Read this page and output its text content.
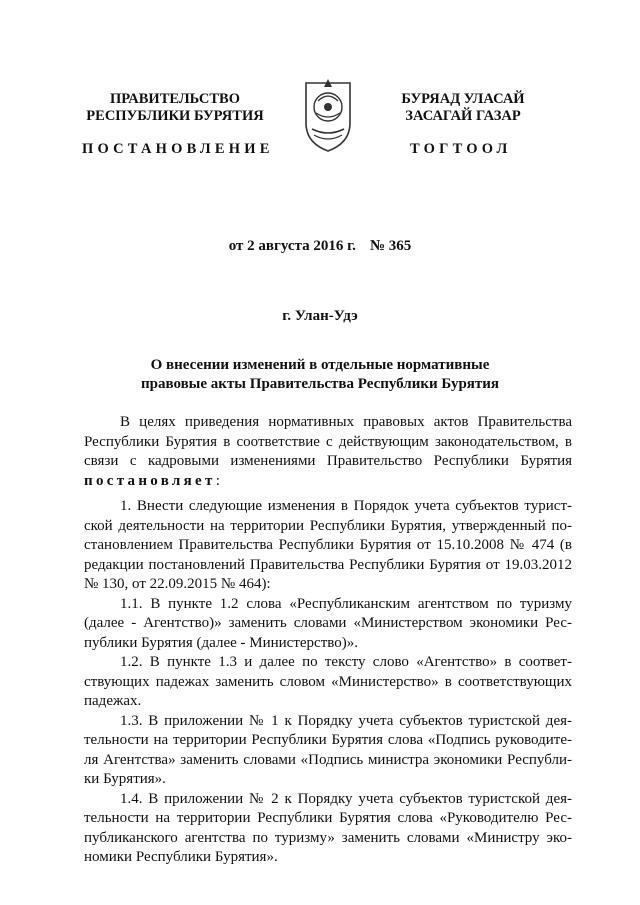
ПРАВИТЕЛЬСТВО
РЕСПУБЛИКИ БУРЯТИЯ
БУРЯАД УЛАСАЙ
ЗАСАГАЙ ГАЗАР
ПОСТАНОВЛЕНИЕ	ТОГТООЛ
от 2 августа 2016 г. № 365
г. Улан-Удэ
О внесении изменений в отдельные нормативные
правовые акты Правительства Республики Бурятия

В целях приведения нормативных правовых актов Правительства Республики Бурятия в соответствие с действующим законодательством, в связи с кадровыми изменениями Правительство Республики Бурятия постановляет:

1. Внести следующие изменения в Порядок учета субъектов туристской деятельности на территории Республики Бурятия, утвержденный постановлением Правительства Республики Бурятия от 15.10.2008 № 474 (в редакции постановлений Правительства Республики Бурятия от 19.03.2012 № 130, от 22.09.2015 № 464):

1.1. В пункте 1.2 слова «Республиканским агентством по туризму (далее - Агентство)» заменить словами «Министерством экономики Республики Бурятия (далее - Министерство)».

1.2. В пункте 1.3 и далее по тексту слово «Агентство» в соответствующих падежах заменить словом «Министерство» в соответствующих падежах.

1.3. В приложении № 1 к Порядку учета субъектов туристской деятельности на территории Республики Бурятия слова «Подпись руководителя Агентства» заменить словами «Подпись министра экономики Республики Бурятия».

1.4. В приложении № 2 к Порядку учета субъектов туристской деятельности на территории Республики Бурятия слова «Руководителю Республиканского агентства по туризму» заменить словами «Министру экономики Республики Бурятия».
